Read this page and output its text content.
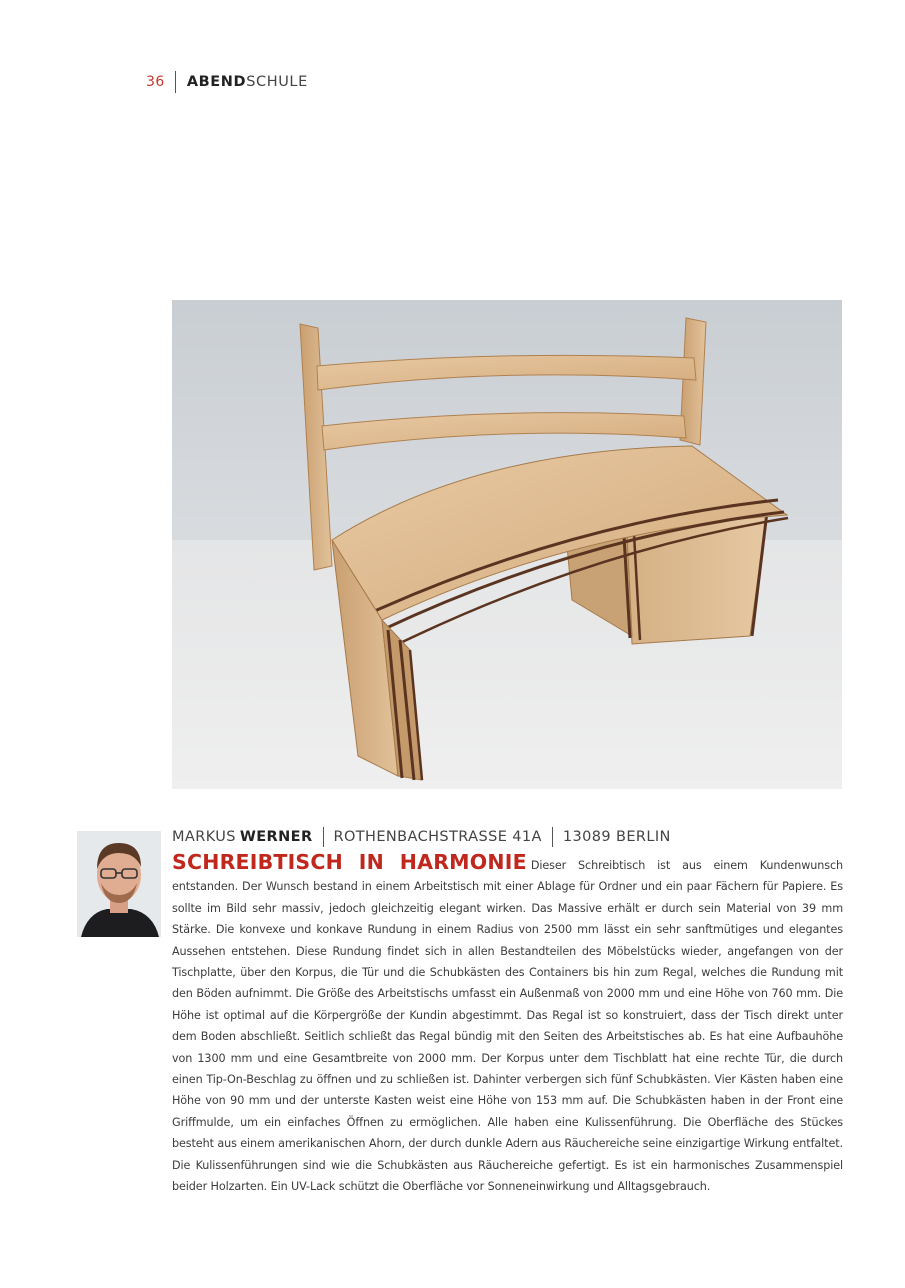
36 ABENDSCHULE
MARKUS WERNER ROTHENBACHSTRASSE 41A 13089 BERLIN
SCHREIBTISCH IN HARMONIE Dieser Schreibtisch ist aus einem Kundenwunsch entstanden. Der Wunsch bestand in einem Arbeitstisch mit einer Ablage für Ordner und ein paar Fächern für Papiere. Es sollte im Bild sehr massiv, jedoch gleichzeitig elegant wirken. Das Massive erhält er durch sein Material von 39 mm Stärke. Die konvexe und konkave Rundung in einem Radius von 2500 mm lässt ein sehr sanftmütiges und elegantes Aussehen entstehen. Diese Rundung findet sich in allen Bestandteilen des Möbelstücks wieder, angefangen von der Tischplatte, über den Korpus, die Tür und die Schubkästen des Containers bis hin zum Regal, welches die Rundung mit den Böden aufnimmt. Die Größe des Arbeitstischs umfasst ein Außenmaß von 2000 mm und eine Höhe von 760 mm. Die Höhe ist optimal auf die Körpergröße der Kundin abgestimmt. Das Regal ist so konstruiert, dass der Tisch direkt unter dem Boden abschließt. Seitlich schließt das Regal bündig mit den Seiten des Arbeitstisches ab. Es hat eine Aufbauhöhe von 1300 mm und eine Gesamtbreite von 2000 mm. Der Korpus unter dem Tischblatt hat eine rechte Tür, die durch einen Tip-On-Beschlag zu öffnen und zu schließen ist. Dahinter verbergen sich fünf Schubkästen. Vier Kästen haben eine Höhe von 90 mm und der unterste Kasten weist eine Höhe von 153 mm auf. Die Schubkästen haben in der Front eine Griffmulde, um ein einfaches Öffnen zu ermöglichen. Alle haben eine Kulissenführung. Die Oberfläche des Stückes besteht aus einem amerikanischen Ahorn, der durch dunkle Adern aus Räuchereiche seine einzigartige Wirkung entfaltet. Die Kulissenführungen sind wie die Schubkästen aus Räuchereiche gefertigt. Es ist ein harmonisches Zusammenspiel beider Holzarten. Ein UV-Lack schützt die Oberfläche vor Sonneneinwirkung und Alltagsgebrauch.
